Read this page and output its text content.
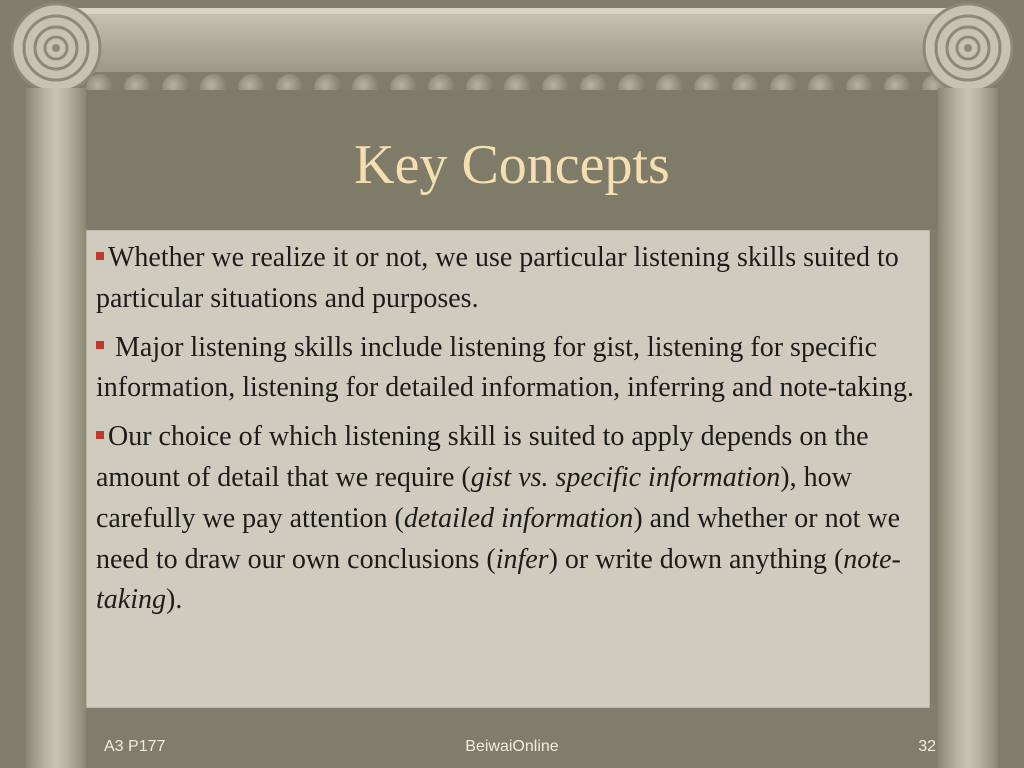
Key Concepts
Whether we realize it or not, we use particular listening skills suited to particular situations and purposes.
Major listening skills include listening for gist, listening for specific information, listening for detailed information, inferring and note-taking.
Our choice of which listening skill is suited to apply depends on the amount of detail that we require (gist vs. specific information), how carefully we pay attention (detailed information) and whether or not we need to draw our own conclusions (infer) or write down anything (note-taking).
A3 P177	BeiwaiOnline	32
